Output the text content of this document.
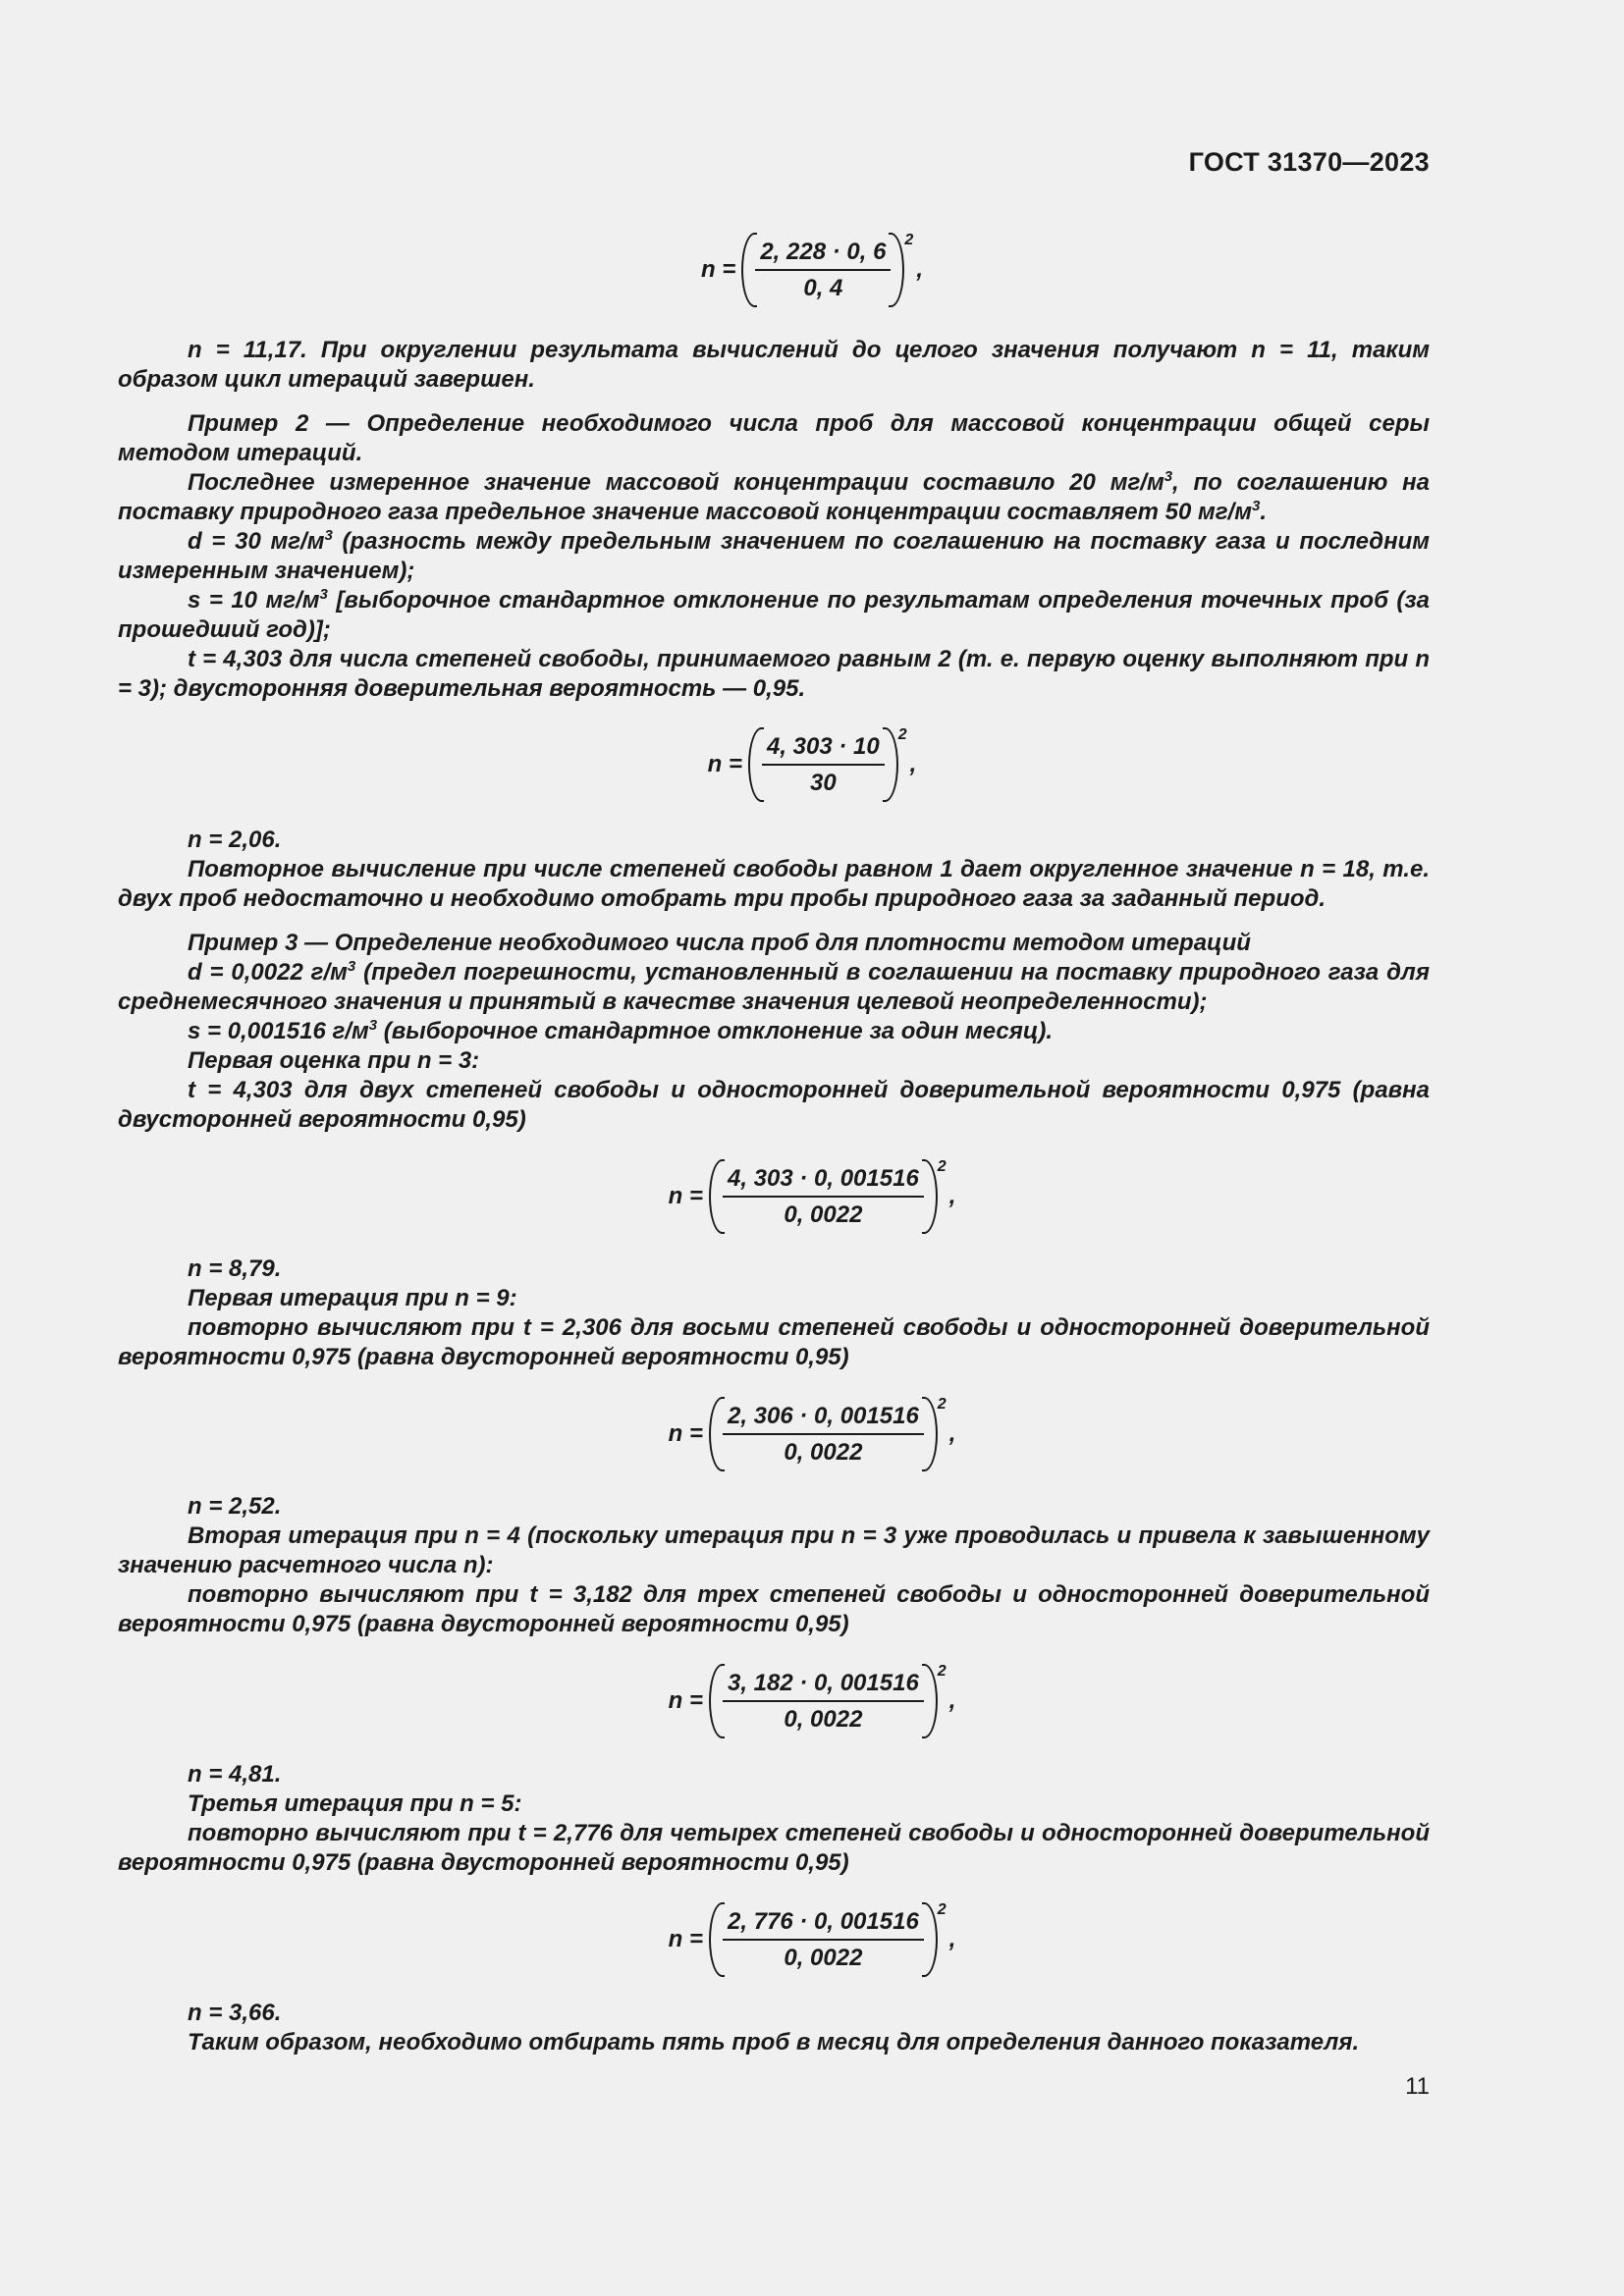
ГОСТ 31370—2023
$n = \frac{2, 228 \cdot 0, 6}{0, 4} 2$
,

n = 11,17. При округлении результата вычислений до целого значения получают n = 11, таким образом цикл итераций завершен.

Пример 2 — Определение необходимого числа проб для массовой концентрации общей серы методом итераций.

Последнее измеренное значение массовой концентрации составило 20 $мг/м^3$, по соглашению на поставку природного газа предельное значение массовой концентрации составляет 50 $мг/м^3$.

d = 30 $мг/м^3$ (разность между предельным значением по соглашению на поставку газа и последним измеренным значением);

s = 10 $мг/м^3$ [выборочное стандартное отклонение по результатам определения точечных проб (за прошедший год)];

t = 4,303 для числа степеней свободы, принимаемого равным 2 (т. е. первую оценку выполняют при n = 3); двусторонняя доверительная вероятность — 0,95.

$n = \frac{4, 303 \cdot 10}{30} 2$
,

n = 2,06.

Повторное вычисление при числе степеней свободы равном 1 дает округленное значение n = 18, т.е. двух проб недостаточно и необходимо отобрать три пробы природного газа за заданный период.

Пример 3 — Определение необходимого числа проб для плотности методом итераций

d = 0,0022 $г/м^3$ (предел погрешности, установленный в соглашении на поставку природного газа для среднемесячного значения и принятый в качестве значения целевой неопределенности);

s = 0,001516 $г/м^3$ (выборочное стандартное отклонение за один месяц).

Первая оценка при n = 3:

t = 4,303 для двух степеней свободы и односторонней доверительной вероятности 0,975 (равна двусторонней вероятности 0,95)

$n = \frac{4, 303 \cdot 0, 001516}{0, 0022} 2$
,

n = 8,79.

Первая итерация при n = 9:

повторно вычисляют при t = 2,306 для восьми степеней свободы и односторонней доверительной вероятности 0,975 (равна двусторонней вероятности 0,95)

$n = \frac{2, 306 \cdot 0, 001516}{0, 0022} 2$
,

n = 2,52.

Вторая итерация при n = 4 (поскольку итерация при n = 3 уже проводилась и привела к завышенному значению расчетного числа n):

повторно вычисляют при t = 3,182 для трех степеней свободы и односторонней доверительной вероятности 0,975 (равна двусторонней вероятности 0,95)

$n = \frac{3, 182 \cdot 0, 001516}{0, 0022} 2$
,

n = 4,81.

Третья итерация при n = 5:

повторно вычисляют при t = 2,776 для четырех степеней свободы и односторонней доверительной вероятности 0,975 (равна двусторонней вероятности 0,95)

$n = \frac{2, 776 \cdot 0, 001516}{0, 0022} 2$
,

n = 3,66.

Таким образом, необходимо отбирать пять проб в месяц для определения данного показателя.

11
